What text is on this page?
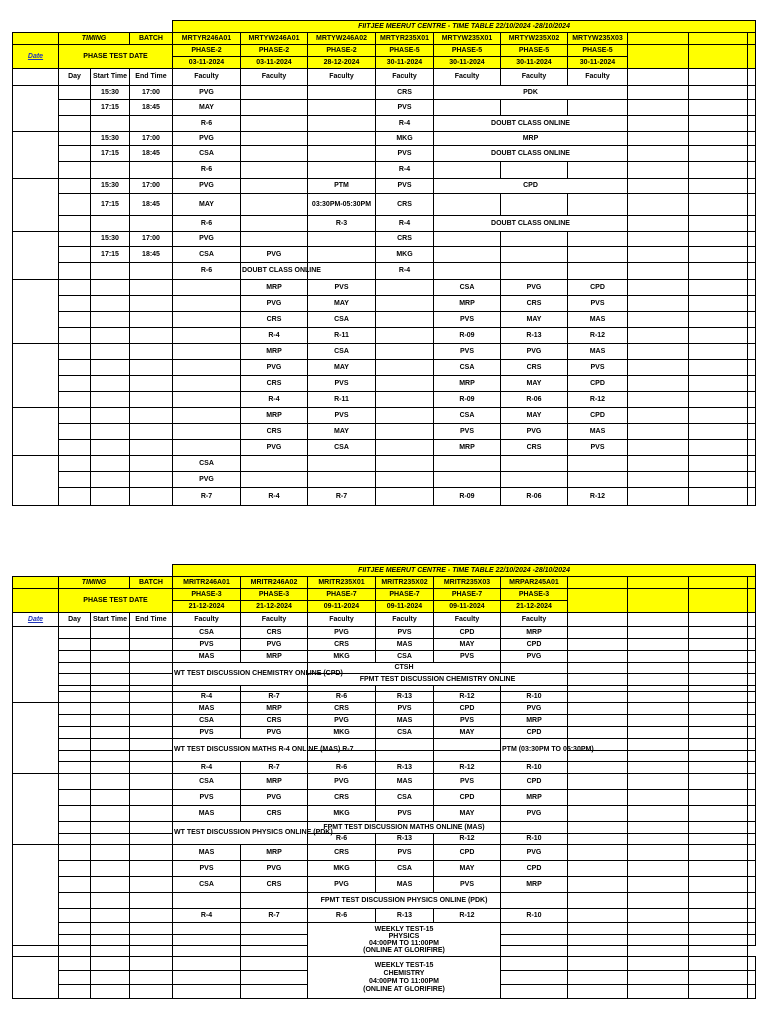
				FIITJEE MEERUT CENTRE - TIME TABLE 22/10/2024 -28/10/2024									
	TIMING		BATCH	MRTYR246A01	MRTYW246A01	MRTYW246A02	MRTYR235X01	MRTYW235X01	MRTYW235X02	MRTYW235X03			
Date	PHASE TEST DATE			PHASE-2	PHASE-2	PHASE-2	PHASE-5	PHASE-5	PHASE-5	PHASE-5			
				03-11-2024	03-11-2024	28-12-2024	30-11-2024	30-11-2024	30-11-2024	30-11-2024			
	Day	Start Time	End Time	Faculty	Faculty	Faculty	Faculty	Faculty	Faculty	Faculty			
		15:30	17:00	PVG			CRS	PDK					
		17:15	18:45	MAY			PVS						
				R-6			R-4	DOUBT CLASS ONLINE					
		15:30	17:00	PVG			MKG	MRP					
		17:15	18:45	CSA			PVS	DOUBT CLASS ONLINE					
				R-6			R-4						
		15:30	17:00	PVG		PTM	PVS	CPD					
		17:15	18:45	MAY		03:30PM-05:30PM	CRS						
				R-6		R-3	R-4	DOUBT CLASS ONLINE					
		15:30	17:00	PVG			CRS						
		17:15	18:45	CSA	PVG		MKG						
				R-6	DOUBT CLASS ONLINE		R-4						
					MRP	PVS		CSA	PVG	CPD			
					PVG	MAY		MRP	CRS	PVS			
					CRS	CSA		PVS	MAY	MAS			
					R-4	R-11		R-09	R-13	R-12			
					MRP	CSA		PVS	PVG	MAS			
					PVG	MAY		CSA	CRS	PVS			
					CRS	PVS		MRP	MAY	CPD			
					R-4	R-11		R-09	R-06	R-12			
					MRP	PVS		CSA	MAY	CPD			
					CRS	MAY		PVS	PVG	MAS			
					PVG	CSA		MRP	CRS	PVS			
				CSA									
				PVG									
				R-7	R-4	R-7		R-09	R-06	R-12			
				FIITJEE MEERUT CENTRE - TIME TABLE 22/10/2024 -28/10/2024									
	TIMING		BATCH	MRITR246A01	MRITR246A02	MRITR235X01	MRITR235X02	MRITR235X03	MRPAR245A01				
	PHASE TEST DATE			PHASE-3	PHASE-3	PHASE-7	PHASE-7	PHASE-7	PHASE-3				
				21-12-2024	21-12-2024	09-11-2024	09-11-2024	09-11-2024	21-12-2024				
Date	Day	Start Time	End Time	Faculty	Faculty	Faculty	Faculty	Faculty	Faculty				
				CSA	CRS	PVG	PVS	CPD	MRP				
				PVS	PVG	CRS	MAS	MAY	CPD				
				MAS	MRP	MKG	CSA	PVS	PVG				
				WT TEST DISCUSSION CHEMISTRY ONLINE (CPD)		CTSH							
						FPMT TEST DISCUSSION CHEMISTRY ONLINE							

				R-4	R-7	R-6	R-13	R-12	R-10				
				MAS	MRP	CRS	PVS	CPD	PVG				
				CSA	CRS	PVG	MAS	PVS	MRP				
				PVS	PVG	MKG	CSA	MAY	CPD				
				WT TEST DISCUSSION MATHS R-4 ONLINE (MAS) R-7					PTM (03:30PM TO 05:30PM)				

				R-4	R-7	R-6	R-13	R-12	R-10				
				CSA	MRP	PVG	MAS	PVS	CPD				
				PVS	PVG	CRS	CSA	CPD	MRP				
				MAS	CRS	MKG	PVS	MAY	PVG				
				WT TEST DISCUSSION PHYSICS ONLINE (PDK)		FPMT TEST DISCUSSION MATHS ONLINE (MAS)							
						R-6	R-13	R-12	R-10				
				MAS	MRP	CRS	PVS	CPD	PVG				
				PVS	PVG	MKG	CSA	MAY	CPD				
				CSA	CRS	PVG	MAS	PVS	MRP				
						FPMT TEST DISCUSSION PHYSICS ONLINE (PDK)							
				R-4	R-7	R-6	R-13	R-12	R-10				

						WEEKLY TEST-15
PHYSICS
04:00PM TO 11:00PM
(ONLINE AT GLORIFIRE)							

						WEEKLY TEST-15
CHEMISTRY
04:00PM TO 11:00PM
(ONLINE AT GLORIFIRE)							
